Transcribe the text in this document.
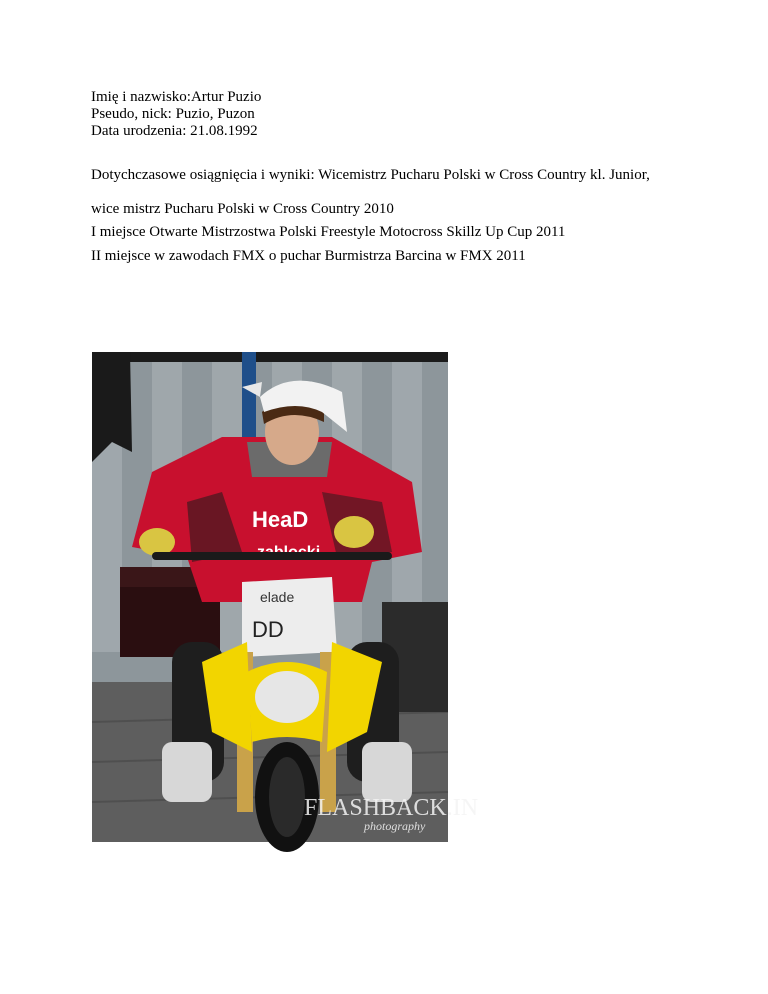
Imię i nazwisko:Artur Puzio
Pseudo, nick: Puzio, Puzon
Data urodzenia: 21.08.1992
Dotychczasowe osiągnięcia i wyniki: Wicemistrz Pucharu Polski w Cross Country kl. Junior,
wice mistrz Pucharu Polski w Cross Country 2010
I miejsce Otwarte Mistrzostwa Polski Freestyle Motocross Skillz Up Cup 2011
II miejsce w zawodach FMX o puchar Burmistrza Barcina w FMX 2011
HeaD
elade
DD
FLASHBACK.IN
photography
